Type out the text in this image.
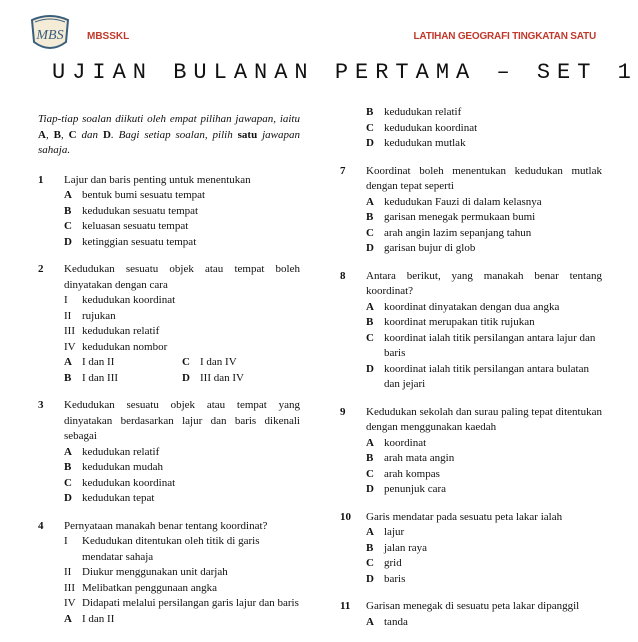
MBS MBSSKL	LATIHAN GEOGRAFI TINGKATAN SATU
UJIAN BULANAN PERTAMA – SET 1
Tiap-tiap soalan diikuti oleh empat pilihan jawapan, iaitu A, B, C dan D. Bagi setiap soalan, pilih satu jawapan sahaja.
1 Lajur dan baris penting untuk menentukan
A bentuk bumi sesuatu tempat
B kedudukan sesuatu tempat
C keluasan sesuatu tempat
D ketinggian sesuatu tempat
2 Kedudukan sesuatu objek atau tempat boleh dinyatakan dengan cara
I	kedudukan koordinat
II rujukan
III kedudukan relatif
IV kedudukan nombor
A I dan II	C I dan IV
B I dan III	D III dan IV
3 Kedudukan sesuatu objek atau tempat yang dinyatakan berdasarkan lajur dan baris dikenali sebagai
A kedudukan relatif
B kedudukan mudah
C kedudukan koordinat
D kedudukan tepat
4 Pernyataan manakah benar tentang koordinat?
I	Kedudukan ditentukan oleh titik di garis mendatar sahaja
II Diukur menggunakan unit darjah
III Melibatkan penggunaan angka
IV Didapati melalui persilangan garis lajur dan baris
A I dan II
B kedudukan relatif
C kedudukan koordinat
D kedudukan mutlak
7 Koordinat boleh menentukan kedudukan mutlak dengan tepat seperti
A kedudukan Fauzi di dalam kelasnya
B garisan menegak permukaan bumi
C arah angin lazim sepanjang tahun
D garisan bujur di glob
8 Antara berikut, yang manakah benar tentang koordinat?
A koordinat dinyatakan dengan dua angka
B koordinat merupakan titik rujukan
C koordinat ialah titik persilangan antara lajur dan baris
D koordinat ialah titik persilangan antara bulatan dan jejari
9 Kedudukan sekolah dan surau paling tepat ditentukan dengan menggunakan kaedah
A koordinat
B arah mata angin
C arah kompas
D penunjuk cara
10 Garis mendatar pada sesuatu peta lakar ialah
A lajur
B jalan raya
C grid
D baris
11 Garisan menegak di sesuatu peta lakar dipanggil
A tanda
